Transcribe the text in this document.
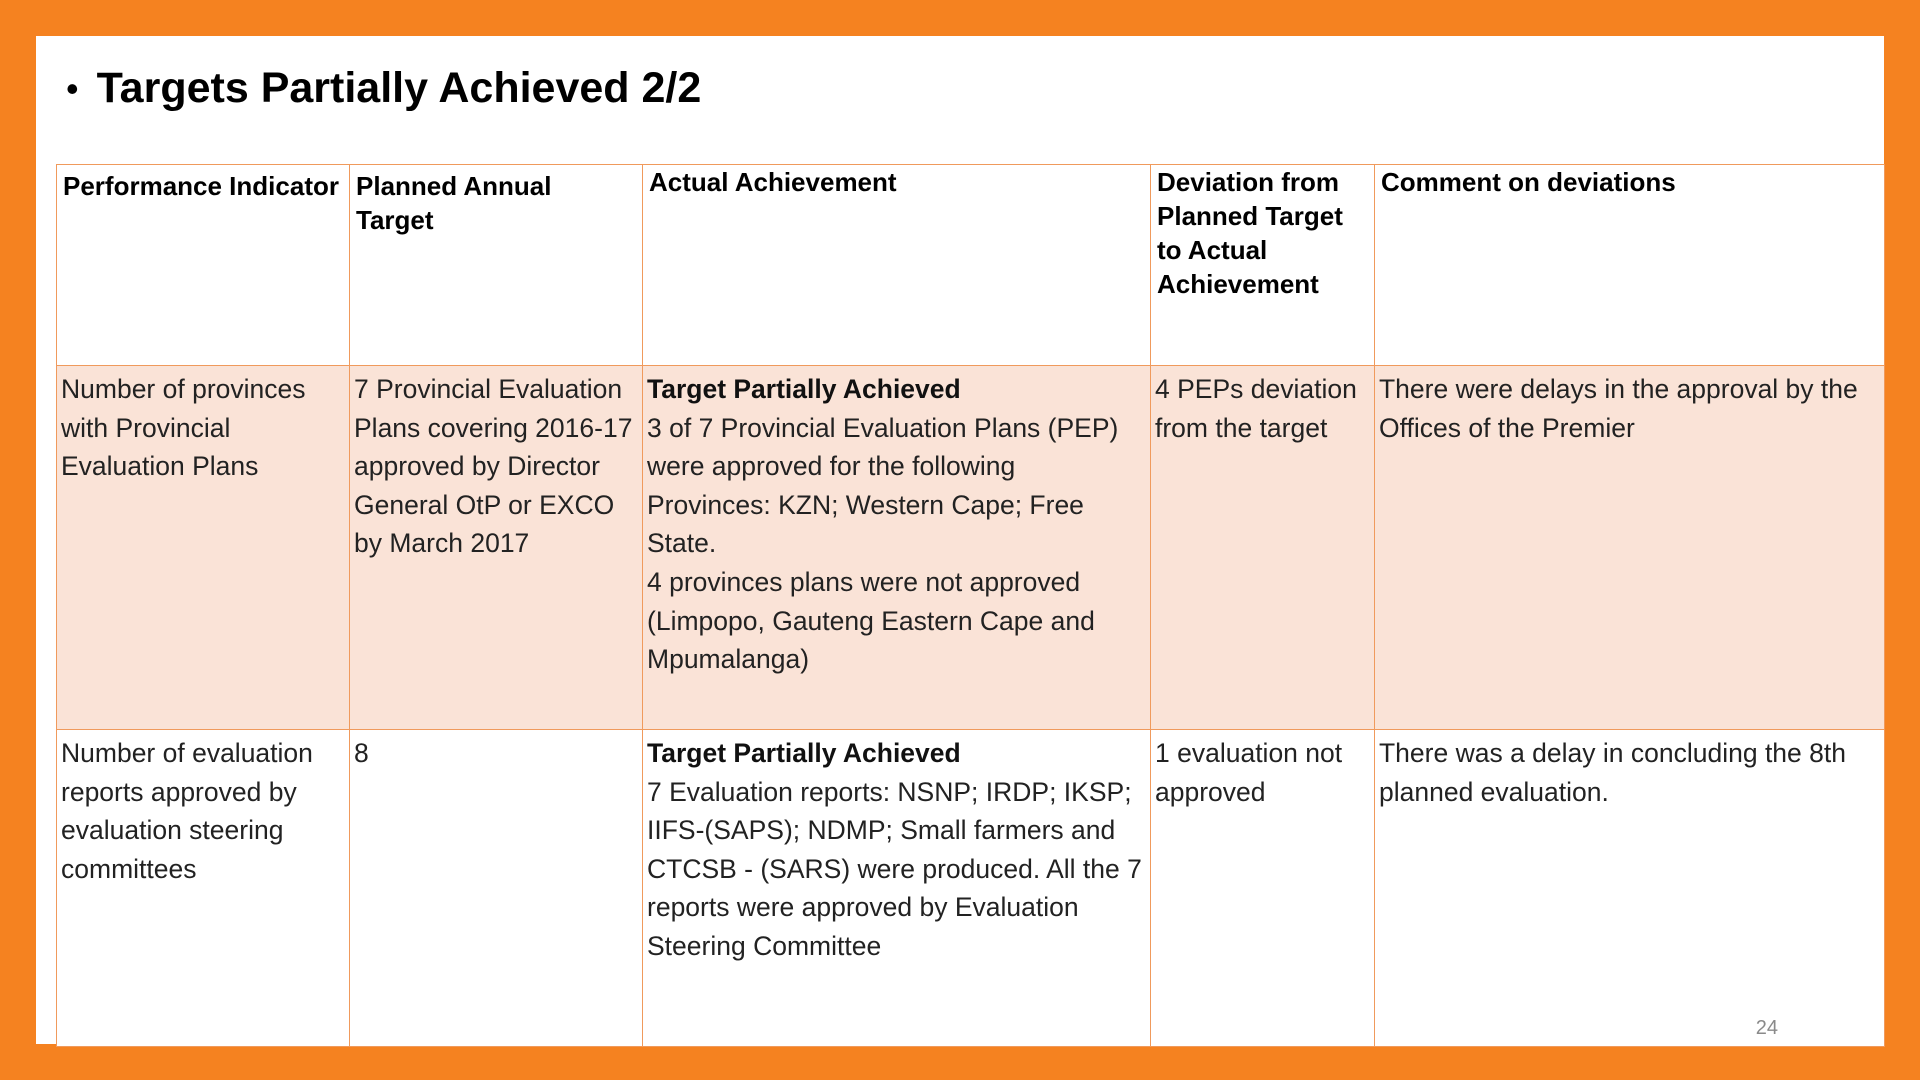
• Targets Partially Achieved 2/2
Performance Indicator	Planned Annual Target	Actual Achievement	Deviation from Planned Target to Actual Achievement	Comment on deviations
Number of provinces with Provincial Evaluation Plans	7 Provincial Evaluation Plans covering 2016-17 approved by Director General OtP or EXCO by March 2017	Target Partially Achieved
3 of 7 Provincial Evaluation Plans (PEP) were approved for the following Provinces: KZN; Western Cape; Free State.
4 provinces plans were not approved (Limpopo, Gauteng Eastern Cape and Mpumalanga)	4 PEPs deviation from the target	There were delays in the approval by the Offices of the Premier
Number of evaluation reports approved by evaluation steering committees	8	Target Partially Achieved
7 Evaluation reports: NSNP; IRDP; IKSP; IIFS-(SAPS); NDMP; Small farmers and CTCSB - (SARS) were produced. All the 7 reports were approved by Evaluation Steering Committee	1 evaluation not approved	There was a delay in concluding the 8th planned evaluation.
24
